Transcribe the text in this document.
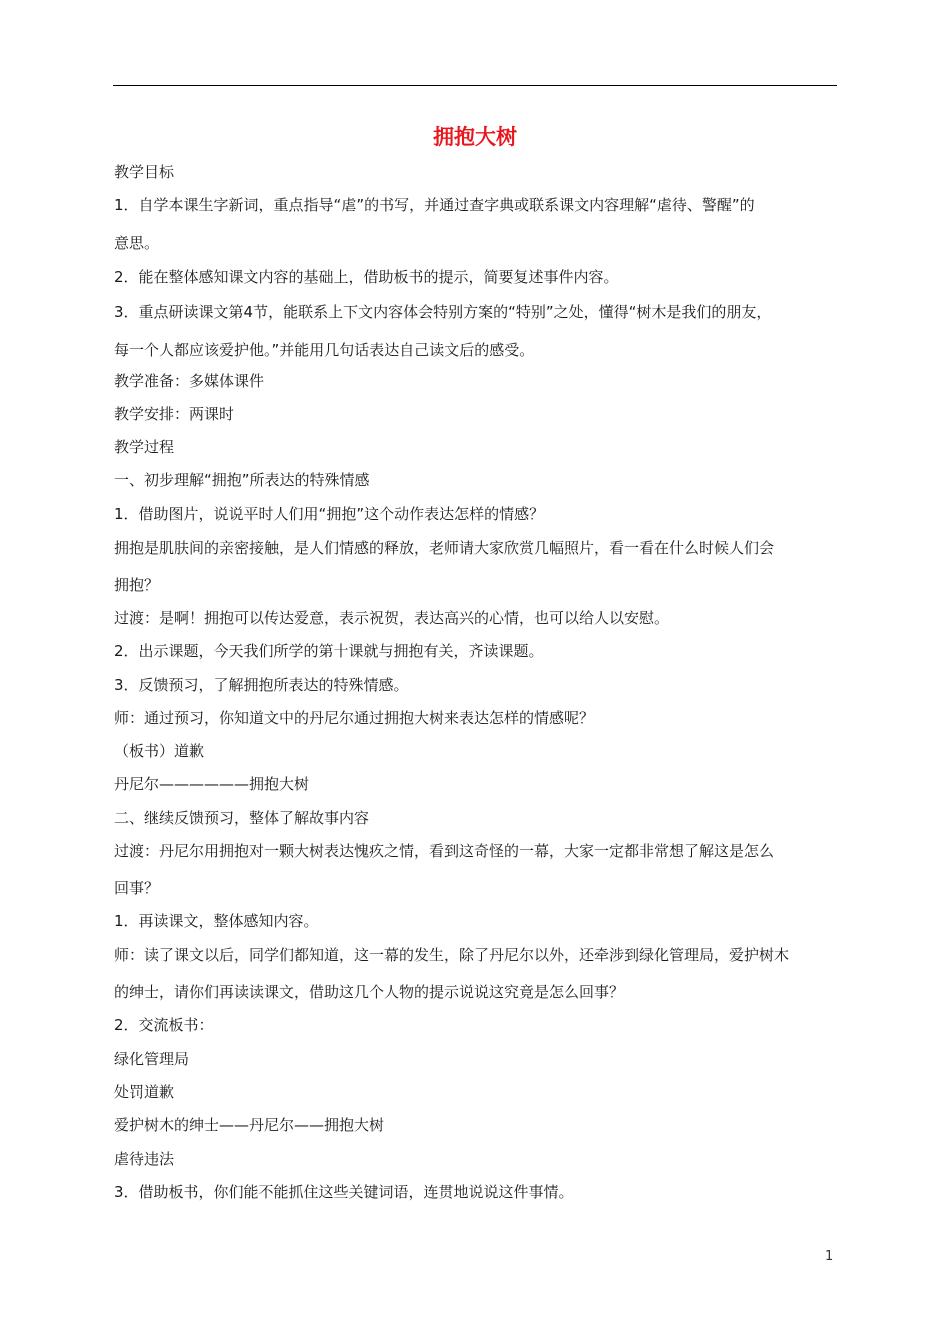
拥抱大树

教学目标

1．自学本课生字新词，重点指导“虐”的书写，并通过查字典或联系课文内容理解“虐待、警醒”的

意思。

2．能在整体感知课文内容的基础上，借助板书的提示，简要复述事件内容。

3．重点研读课文第4节，能联系上下文内容体会特别方案的“特别”之处，懂得“树木是我们的朋友，

每一个人都应该爱护他。”并能用几句话表达自己读文后的感受。

教学准备：多媒体课件

教学安排：两课时

教学过程

一、初步理解“拥抱”所表达的特殊情感

1．借助图片，说说平时人们用“拥抱”这个动作表达怎样的情感？

拥抱是肌肤间的亲密接触，是人们情感的释放，老师请大家欣赏几幅照片，看一看在什么时候人们会

拥抱？

过渡：是啊！拥抱可以传达爱意，表示祝贺，表达高兴的心情，也可以给人以安慰。

2．出示课题，今天我们所学的第十课就与拥抱有关，齐读课题。

3．反馈预习，了解拥抱所表达的特殊情感。

师：通过预习，你知道文中的丹尼尔通过拥抱大树来表达怎样的情感呢？

（板书）道歉

丹尼尔——————拥抱大树

二、继续反馈预习，整体了解故事内容

过渡：丹尼尔用拥抱对一颗大树表达愧疚之情，看到这奇怪的一幕，大家一定都非常想了解这是怎么

回事？

1．再读课文，整体感知内容。

师：读了课文以后，同学们都知道，这一幕的发生，除了丹尼尔以外，还牵涉到绿化管理局，爱护树木

的绅士，请你们再读读课文，借助这几个人物的提示说说这究竟是怎么回事？

2．交流板书：

绿化管理局

处罚道歉

爱护树木的绅士——丹尼尔——拥抱大树

虐待违法

3．借助板书，你们能不能抓住这些关键词语，连贯地说说这件事情。

1
